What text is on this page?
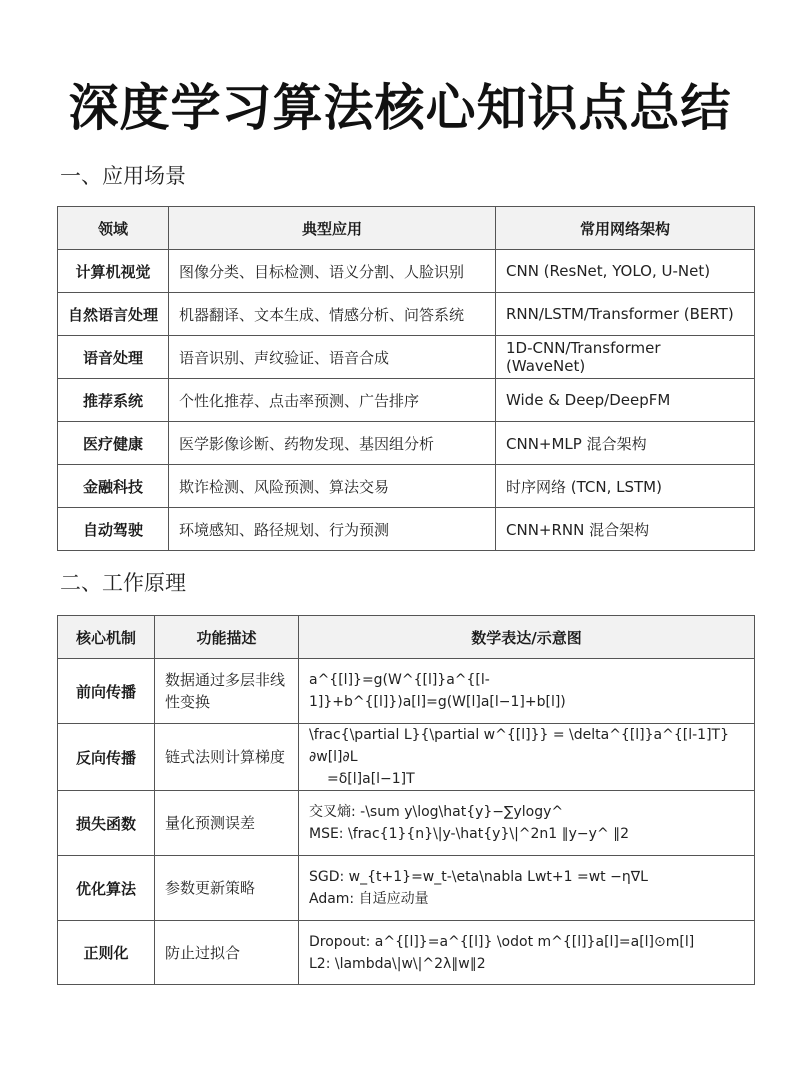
深度学习算法核心知识点总结
一、应用场景
领域	典型应用	常用网络架构
计算机视觉	图像分类、目标检测、语义分割、人脸识别	CNN (ResNet, YOLO, U-Net)
自然语言处理	机器翻译、文本生成、情感分析、问答系统	RNN/LSTM/Transformer (BERT)
语音处理	语音识别、声纹验证、语音合成	1D-CNN/Transformer (WaveNet)
推荐系统	个性化推荐、点击率预测、广告排序	Wide & Deep/DeepFM
医疗健康	医学影像诊断、药物发现、基因组分析	CNN+MLP 混合架构
金融科技	欺诈检测、风险预测、算法交易	时序网络 (TCN, LSTM)
自动驾驶	环境感知、路径规划、行为预测	CNN+RNN 混合架构
二、工作原理
核心机制	功能描述	数学表达/示意图
前向传播	数据通过多层非线性变换	a^{[l]}=g(W^{[l]}a^{[l-1]}+b^{[l]})a[l]=g(W[l]a[l−1]+b[l])

反向传播	链式法则计算梯度	\frac{\partial L}{\partial w^{[l]}} = \delta^{[l]}a^{[l-1]T} ∂w[l]∂L
=δ[l]a[l−1]T

损失函数	量化预测误差	交叉熵: -\sum y\log\hat{y}−∑ylogy^
MSE: \frac{1}{n}\|y-\hat{y}\|^2n1 ∥y−y^ ∥2

优化算法	参数更新策略	SGD: w_{t+1}=w_t-\eta\nabla Lwt+1 =wt −η∇L
Adam: 自适应动量

正则化	防止过拟合	Dropout: a^{[l]}=a^{[l]} \odot m^{[l]}a[l]=a[l]⊙m[l]
L2: \lambda\|w\|^2λ∥w∥2
